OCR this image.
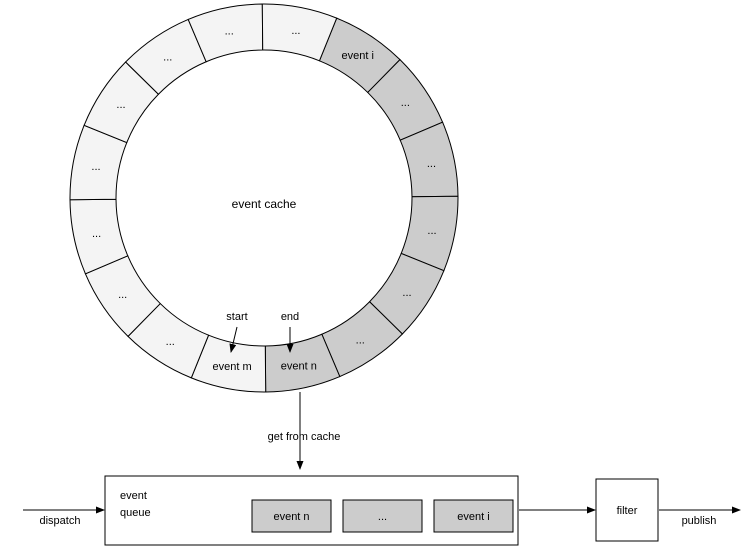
event i
...
...
...
...
...
event n
event m
...
...
...
...
...
...
...	...
event cache
start	end
get from cache
dispatch
event
queue	event n	...	event i	filter
publish
